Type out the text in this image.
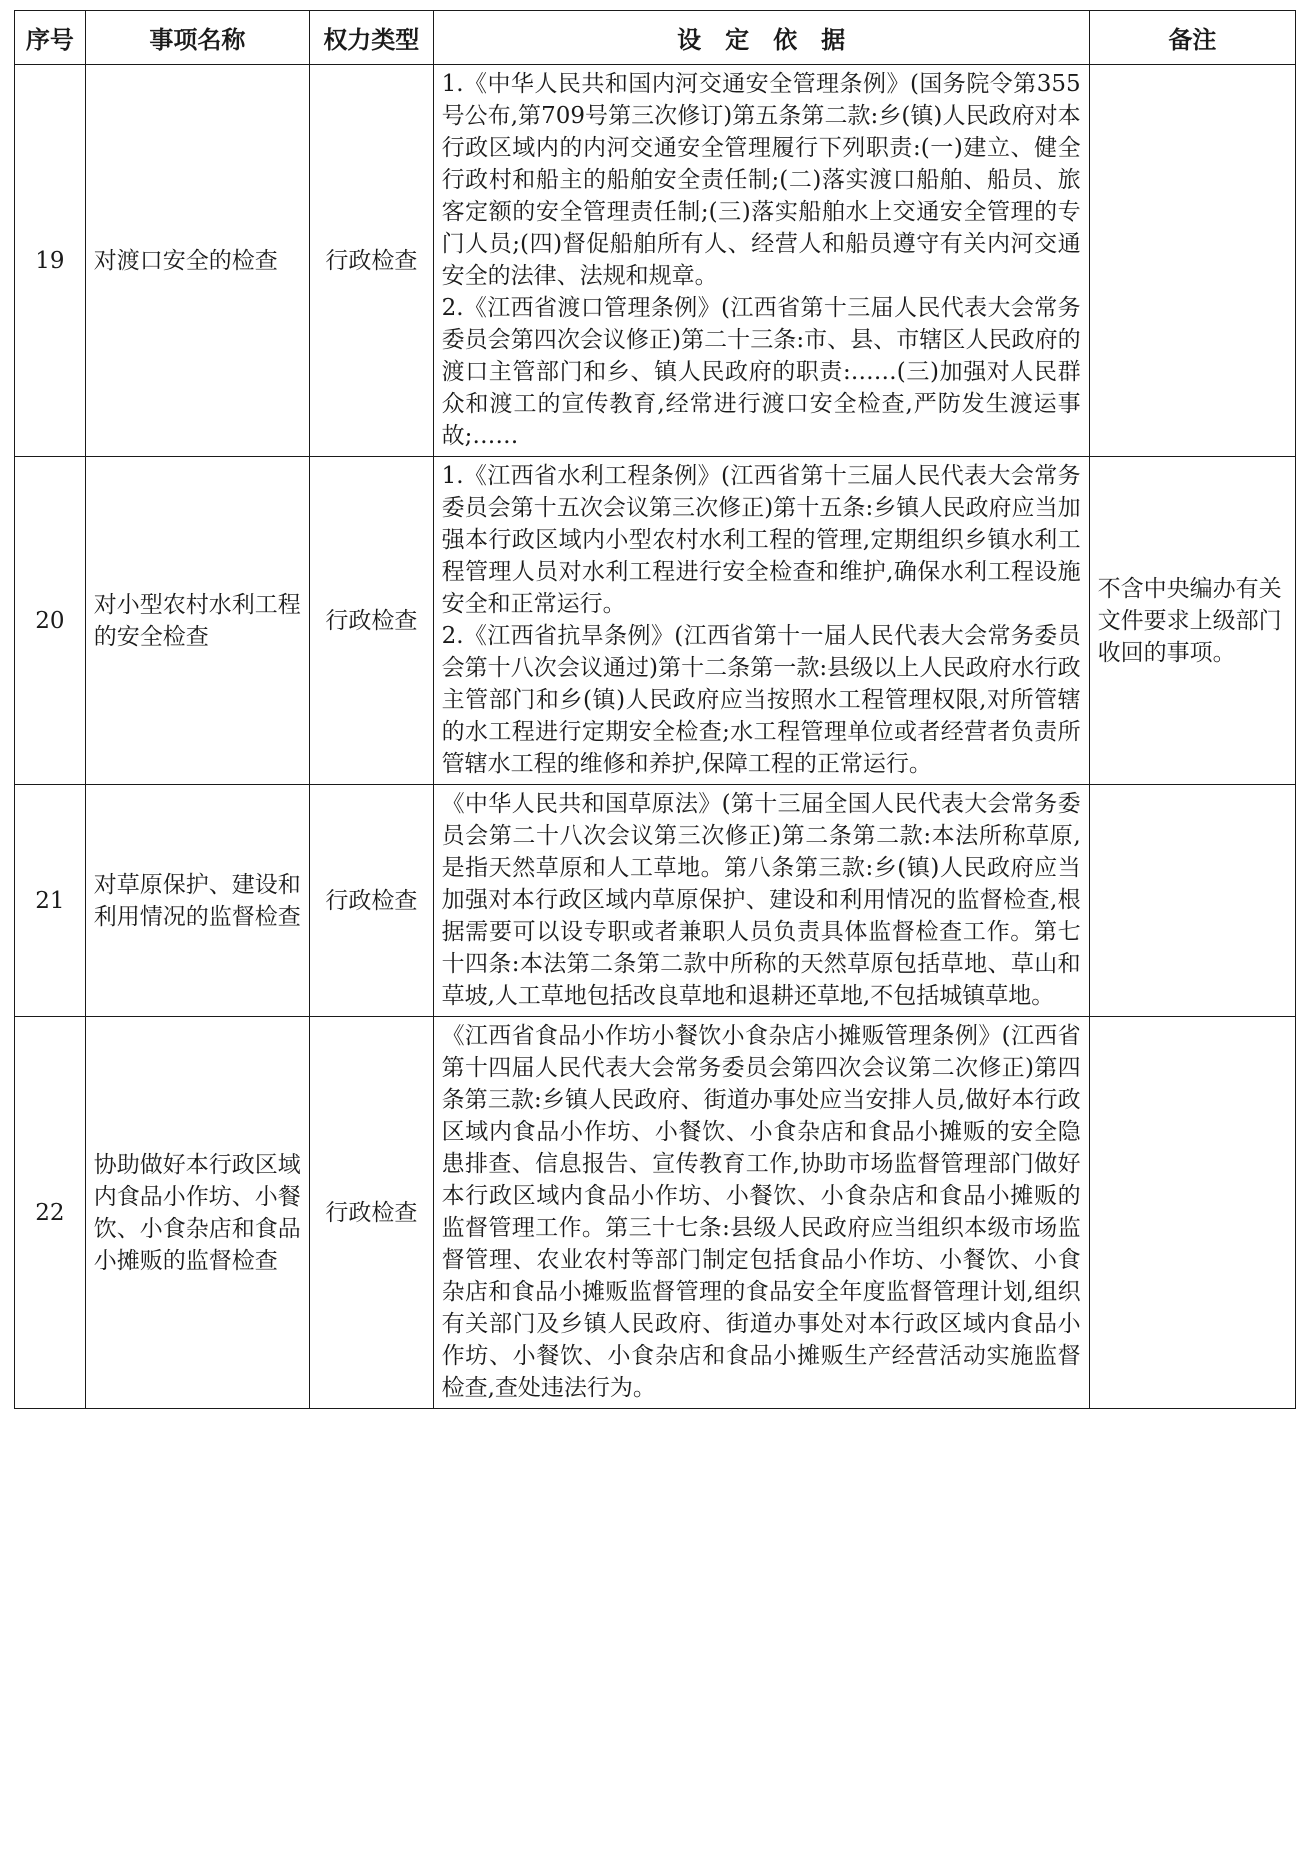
序号	事项名称	权力类型	设定依据	备注
19	对渡口安全的检查	行政检查	1.《中华人民共和国内河交通安全管理条例》(国务院令第355号公布,第709号第三次修订)第五条第二款:乡(镇)人民政府对本行政区域内的内河交通安全管理履行下列职责:(一)建立、健全行政村和船主的船舶安全责任制;(二)落实渡口船舶、船员、旅客定额的安全管理责任制;(三)落实船舶水上交通安全管理的专门人员;(四)督促船舶所有人、经营人和船员遵守有关内河交通安全的法律、法规和规章。
2.《江西省渡口管理条例》(江西省第十三届人民代表大会常务委员会第四次会议修正)第二十三条:市、县、市辖区人民政府的渡口主管部门和乡、镇人民政府的职责:……(三)加强对人民群众和渡工的宣传教育,经常进行渡口安全检查,严防发生渡运事故;……	

20	对小型农村水利工程的安全检查	行政检查	1.《江西省水利工程条例》(江西省第十三届人民代表大会常务委员会第十五次会议第三次修正)第十五条:乡镇人民政府应当加强本行政区域内小型农村水利工程的管理,定期组织乡镇水利工程管理人员对水利工程进行安全检查和维护,确保水利工程设施安全和正常运行。
2.《江西省抗旱条例》(江西省第十一届人民代表大会常务委员会第十八次会议通过)第十二条第一款:县级以上人民政府水行政主管部门和乡(镇)人民政府应当按照水工程管理权限,对所管辖的水工程进行定期安全检查;水工程管理单位或者经营者负责所管辖水工程的维修和养护,保障工程的正常运行。	不含中央编办有关文件要求上级部门收回的事项。
21	对草原保护、建设和利用情况的监督检查	行政检查	《中华人民共和国草原法》(第十三届全国人民代表大会常务委员会第二十八次会议第三次修正)第二条第二款:本法所称草原,是指天然草原和人工草地。第八条第三款:乡(镇)人民政府应当加强对本行政区域内草原保护、建设和利用情况的监督检查,根据需要可以设专职或者兼职人员负责具体监督检查工作。第七十四条:本法第二条第二款中所称的天然草原包括草地、草山和草坡,人工草地包括改良草地和退耕还草地,不包括城镇草地。	

22	协助做好本行政区域内食品小作坊、小餐饮、小食杂店和食品小摊贩的监督检查	行政检查	《江西省食品小作坊小餐饮小食杂店小摊贩管理条例》(江西省第十四届人民代表大会常务委员会第四次会议第二次修正)第四条第三款:乡镇人民政府、街道办事处应当安排人员,做好本行政区域内食品小作坊、小餐饮、小食杂店和食品小摊贩的安全隐患排查、信息报告、宣传教育工作,协助市场监督管理部门做好本行政区域内食品小作坊、小餐饮、小食杂店和食品小摊贩的监督管理工作。第三十七条:县级人民政府应当组织本级市场监督管理、农业农村等部门制定包括食品小作坊、小餐饮、小食杂店和食品小摊贩监督管理的食品安全年度监督管理计划,组织有关部门及乡镇人民政府、街道办事处对本行政区域内食品小作坊、小餐饮、小食杂店和食品小摊贩生产经营活动实施监督检查,查处违法行为。	
